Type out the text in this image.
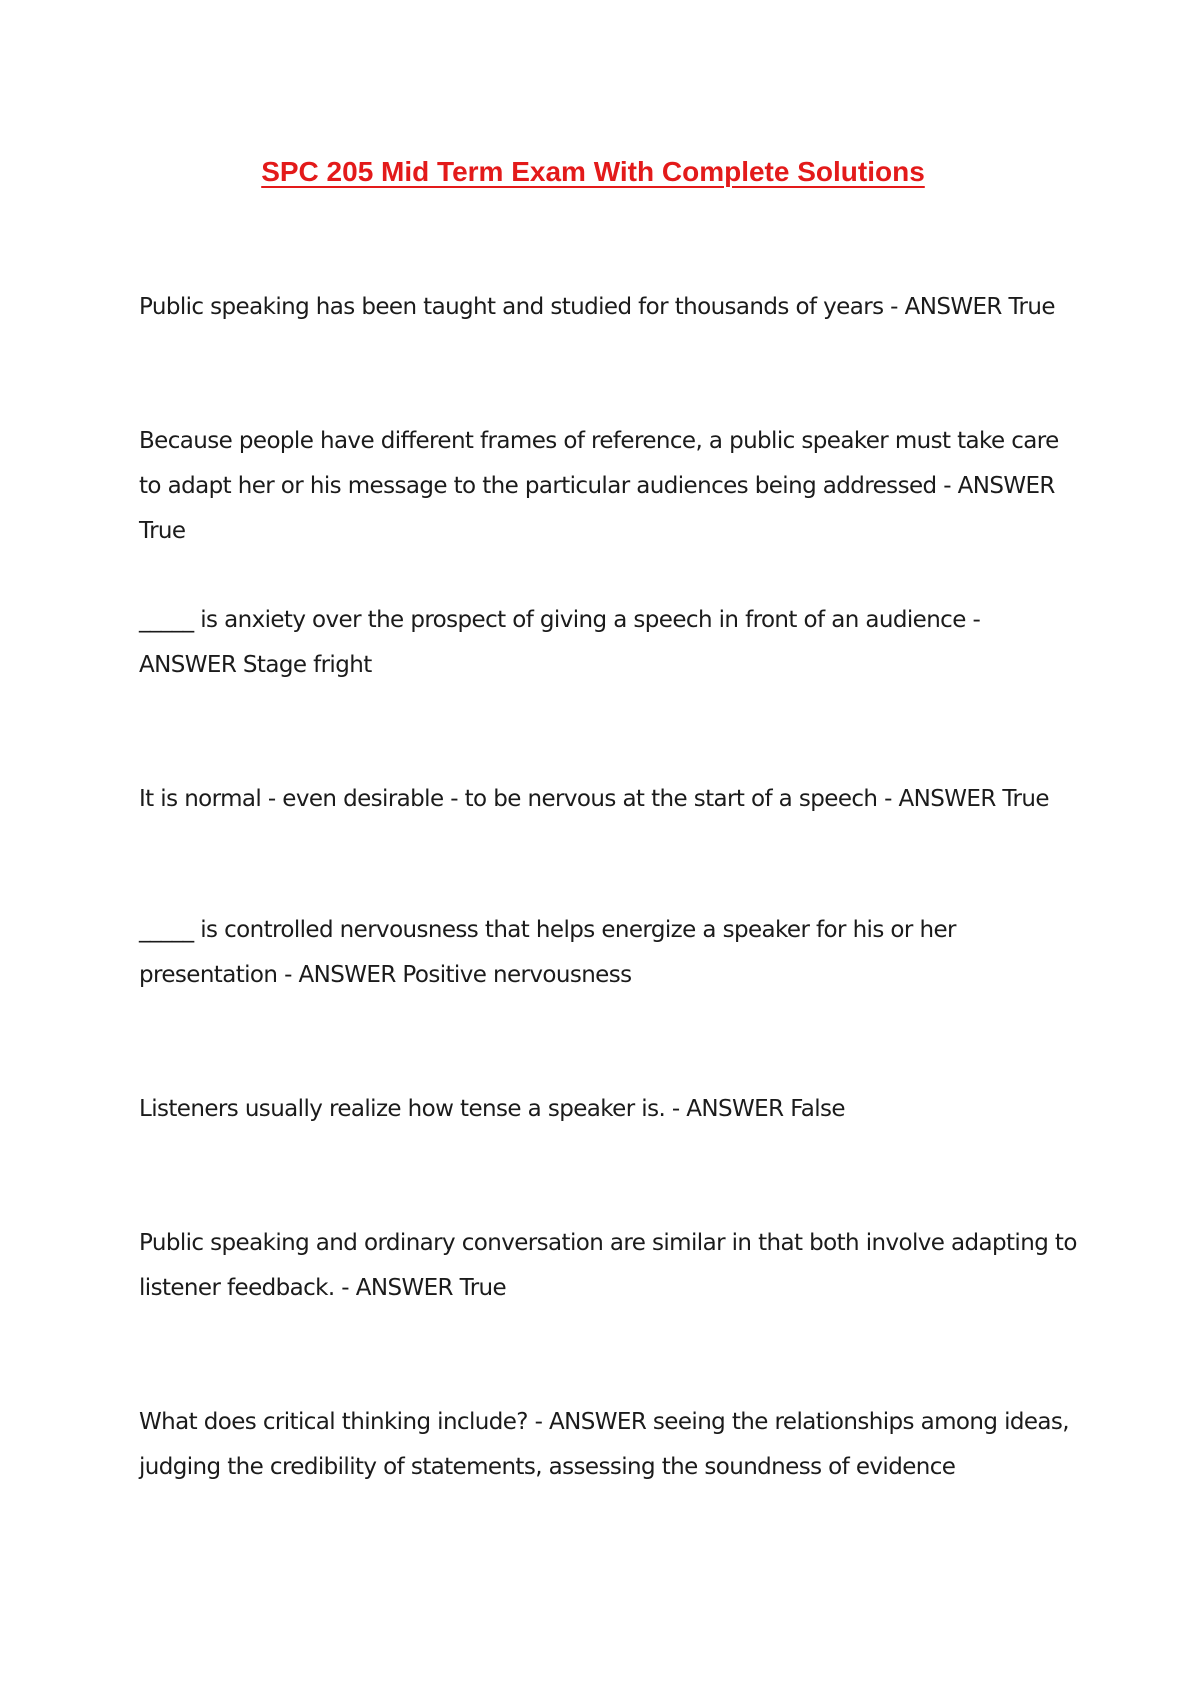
SPC 205 Mid Term Exam With Complete Solutions

Public speaking has been taught and studied for thousands of years - ANSWER True

Because people have different frames of reference, a public speaker must take care to adapt her or his message to the particular audiences being addressed - ANSWER True

_____ is anxiety over the prospect of giving a speech in front of an audience - ANSWER Stage fright

It is normal - even desirable - to be nervous at the start of a speech - ANSWER True

_____ is controlled nervousness that helps energize a speaker for his or her presentation - ANSWER Positive nervousness

Listeners usually realize how tense a speaker is. - ANSWER False

Public speaking and ordinary conversation are similar in that both involve adapting to listener feedback. - ANSWER True

What does critical thinking include? - ANSWER seeing the relationships among ideas, judging the credibility of statements, assessing the soundness of evidence
